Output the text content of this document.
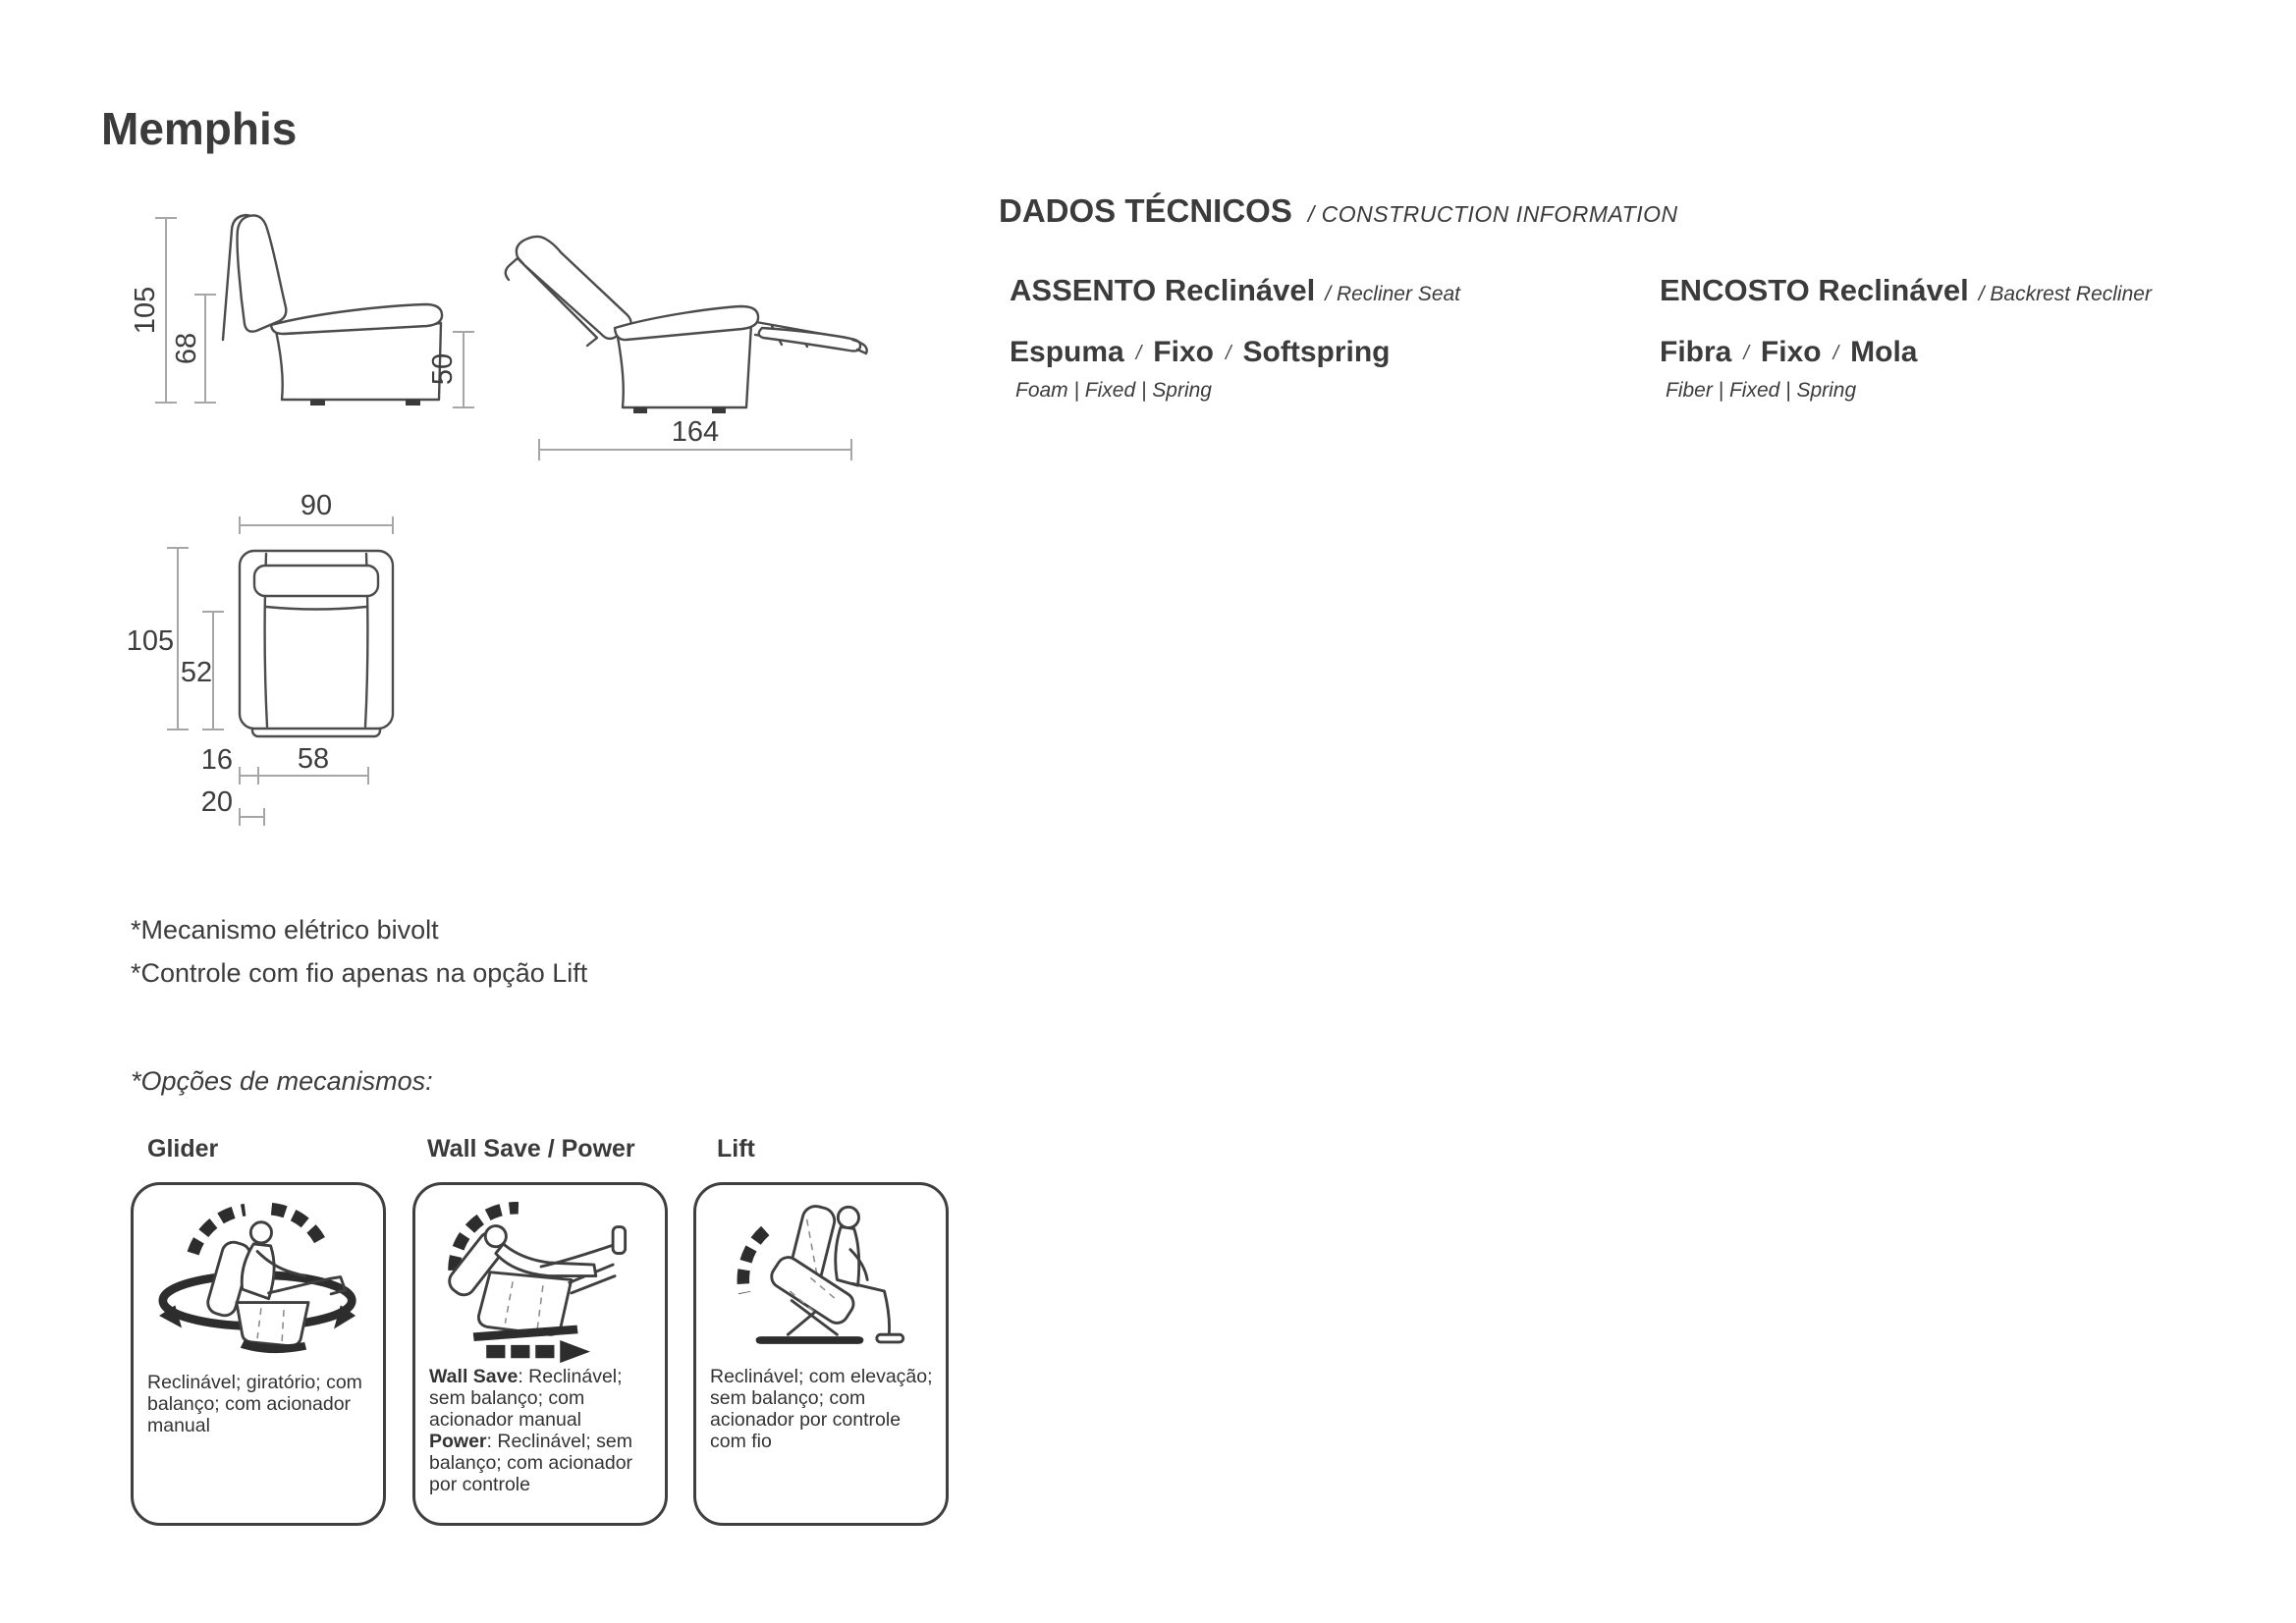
Memphis
105
68
50
164
90
105
52
16 58
20
DADOS TÉCNICOS / CONSTRUCTION INFORMATION
ASSENTO Reclinável / Recliner Seat
Espuma / Fixo / Softspring
Foam | Fixed | Spring
ENCOSTO Reclinável / Backrest Recliner
Fibra / Fixo / Mola
Fiber | Fixed | Spring
*Mecanismo elétrico bivolt
*Controle com fio apenas na opção Lift
*Opções de mecanismos:
Glider	Wall Save / Power	Lift
Reclinável; giratório; com balanço; com acionador manual
Wall Save: Reclinável; sem balanço; com acionador manual
Power: Reclinável; sem balanço; com acionador por controle
Reclinável; com elevação; sem balanço; com acionador por controle com fio
